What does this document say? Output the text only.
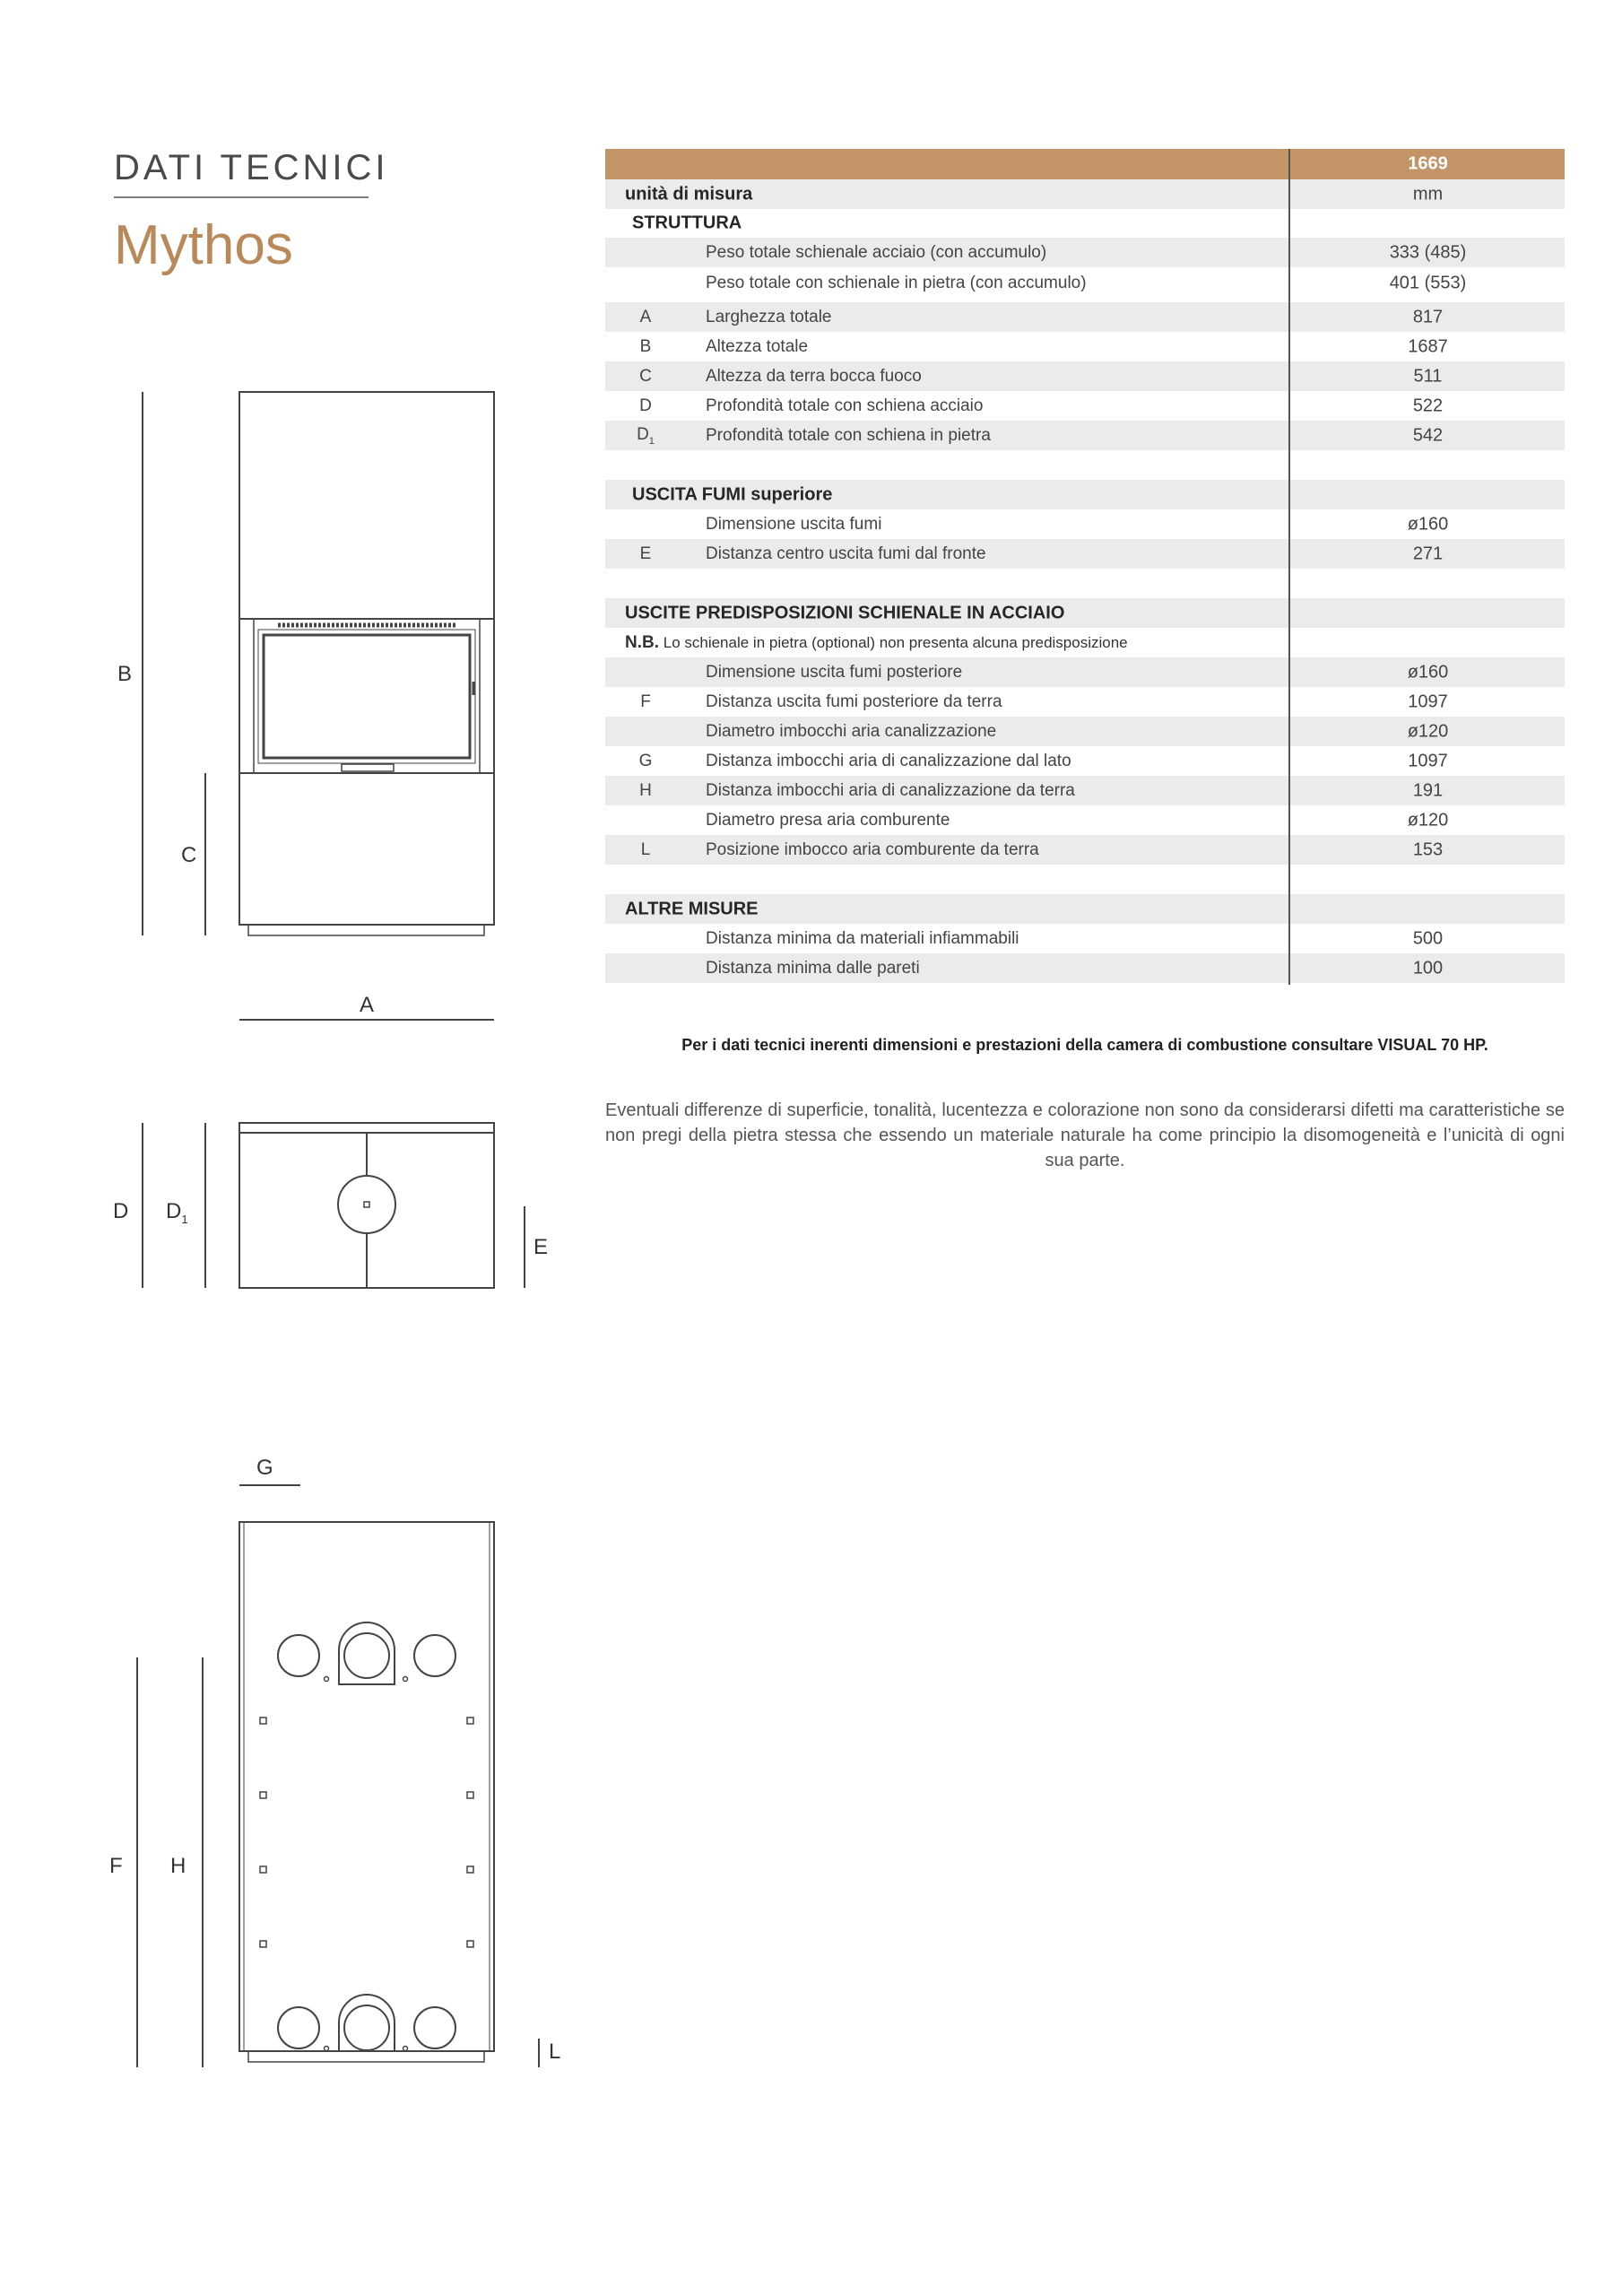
DATI TECNICI
Mythos
B
C
A
D $D_1$
E
G
F H
L
1669
unità di misura	mm
STRUTTURA
Peso totale schienale acciaio (con accumulo)	333 (485)
Peso totale con schienale in pietra (con accumulo)	401 (553)
A	Larghezza totale	817
B	Altezza totale	1687
C	Altezza da terra bocca fuoco	511
D	Profondità totale con schiena acciaio	522
$D_1$	Profondità totale con schiena in pietra	542
USCITA FUMI superiore
Dimensione uscita fumi	ø160
E	Distanza centro uscita fumi dal fronte	271
USCITE PREDISPOSIZIONI SCHIENALE IN ACCIAIO
N.B. Lo schienale in pietra (optional) non presenta alcuna predisposizione
Dimensione uscita fumi posteriore	ø160
F	Distanza uscita fumi posteriore da terra	1097
Diametro imbocchi aria canalizzazione	ø120
G	Distanza imbocchi aria di canalizzazione dal lato	1097
H	Distanza imbocchi aria di canalizzazione da terra	191
Diametro presa aria comburente	ø120
L	Posizione imbocco aria comburente da terra	153
ALTRE MISURE
Distanza minima da materiali infiammabili	500
Distanza minima dalle pareti	100
Per i dati tecnici inerenti dimensioni e prestazioni della camera di combustione consultare VISUAL 70 HP.
Eventuali differenze di superficie, tonalità, lucentezza e colorazione non sono da considerarsi difetti ma caratteristiche se non pregi della pietra stessa che essendo un materiale naturale ha come principio la disomogeneità e l’unicità di ogni sua parte.
